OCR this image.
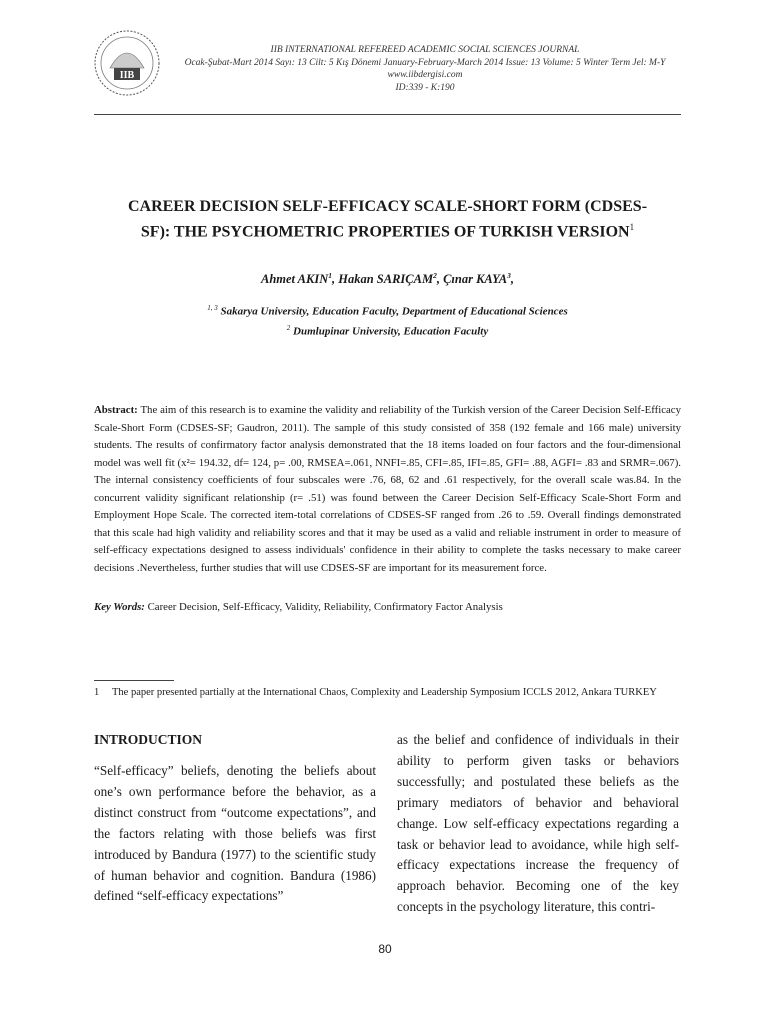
IIB
IIB INTERNATIONAL REFEREED ACADEMIC SOCIAL SCIENCES JOURNAL
Ocak-Şubat-Mart 2014 Sayı: 13 Cilt: 5 Kış Dönemi January-February-March 2014 Issue: 13 Volume: 5 Winter Term Jel: M-Y
www.iibdergisi.com
ID:339 - K:190
CAREER DECISION SELF-EFFICACY SCALE-SHORT FORM (CDSES-
SF): THE PSYCHOMETRIC PROPERTIES OF TURKISH VERSION$^1$
Ahmet AKIN$^1$, Hakan SARIÇAM$^2$, Çınar KAYA$^3$,
$^{1, 3}$ Sakarya University, Education Faculty, Department of Educational Sciences
$^2$ Dumlupinar University, Education Faculty
Abstract: The aim of this research is to examine the validity and reliability of the Turkish version of the Career Decision Self-Efficacy Scale-Short Form (CDSES-SF; Gaudron, 2011). The sample of this study consisted of 358 (192 female and 166 male) university students. The results of confirmatory factor analysis demonstrated that the 18 items loaded on four factors and the four-dimensional model was well fit (x²= 194.32, df= 124, p= .00, RMSEA=.061, NNFI=.85, CFI=.85, IFI=.85, GFI= .88, AGFI= .83 and SRMR=.067). The internal consistency coefficients of four subscales were .76, 68, 62 and .61 respectively, for the overall scale was.84. In the concurrent validity significant relationship (r= .51) was found between the Career Decision Self-Efficacy Scale-Short Form and Employment Hope Scale. The corrected item-total correlations of CDSES-SF ranged from .26 to .59. Overall findings demonstrated that this scale had high validity and reliability scores and that it may be used as a valid and reliable instrument in order to measure of self-efficacy expectations designed to assess individuals' confidence in their ability to complete the tasks necessary to make career decisions .Nevertheless, further studies that will use CDSES-SF are important for its measurement force.
Key Words: Career Decision, Self-Efficacy, Validity, Reliability, Confirmatory Factor Analysis
1 The paper presented partially at the International Chaos, Complexity and Leadership Symposium ICCLS 2012, Ankara TURKEY
INTRODUCTION

“Self-efficacy” beliefs, denoting the beliefs about one’s own performance before the behavior, as a distinct construct from “outcome expectations”, and the factors relating with those beliefs was first introduced by Bandura (1977) to the scientific study of human behavior and cognition. Bandura (1986) defined “self-efficacy expectations”

as the belief and confidence of individuals in their ability to perform given tasks or behaviors successfully; and postulated these beliefs as the primary mediators of behavior and behavioral change. Low self-efficacy expectations regarding a task or behavior lead to avoidance, while high self-efficacy expectations increase the frequency of approach behavior. Becoming one of the key concepts in the psychology literature, this contri-

80
